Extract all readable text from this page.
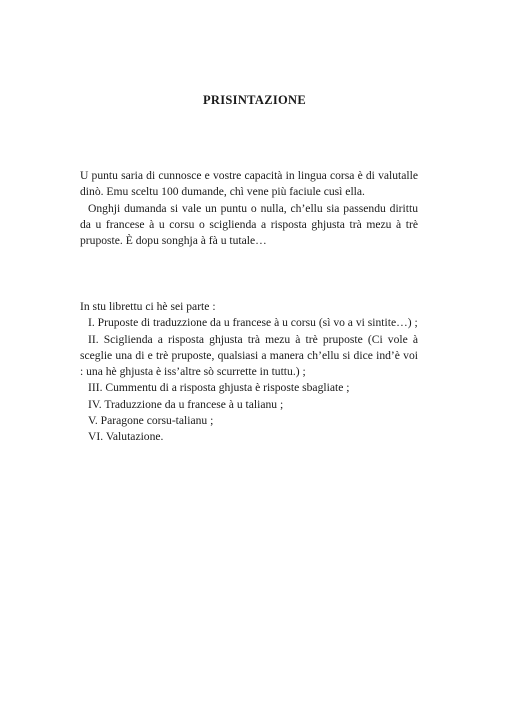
PRISINTAZIONE

U puntu saria di cunnosce e vostre capacità in lingua corsa è di valutalle dinò. Emu sceltu 100 dumande, chì vene più faciule cusì ella.

Onghji dumanda si vale un puntu o nulla, ch’ellu sia passendu dirittu da u francese à u corsu o sciglienda a risposta ghjusta trà mezu à trè pruposte. È dopu songhja à fà u tutale…

In stu librettu ci hè sei parte :

I. Pruposte di traduzzione da u francese à u corsu (sì vo a vi sintite…) ;

II. Sciglienda a risposta ghjusta trà mezu à trè pruposte (Ci vole à sceglie una di e trè pruposte, qualsiasi a manera ch’ellu si dice ind’è voi : una hè ghjusta è iss’altre sò scurrette in tuttu.) ;

III. Cummentu di a risposta ghjusta è risposte sbagliate ;

IV. Traduzzione da u francese à u talianu ;

V. Paragone corsu-talianu ;

VI. Valutazione.
